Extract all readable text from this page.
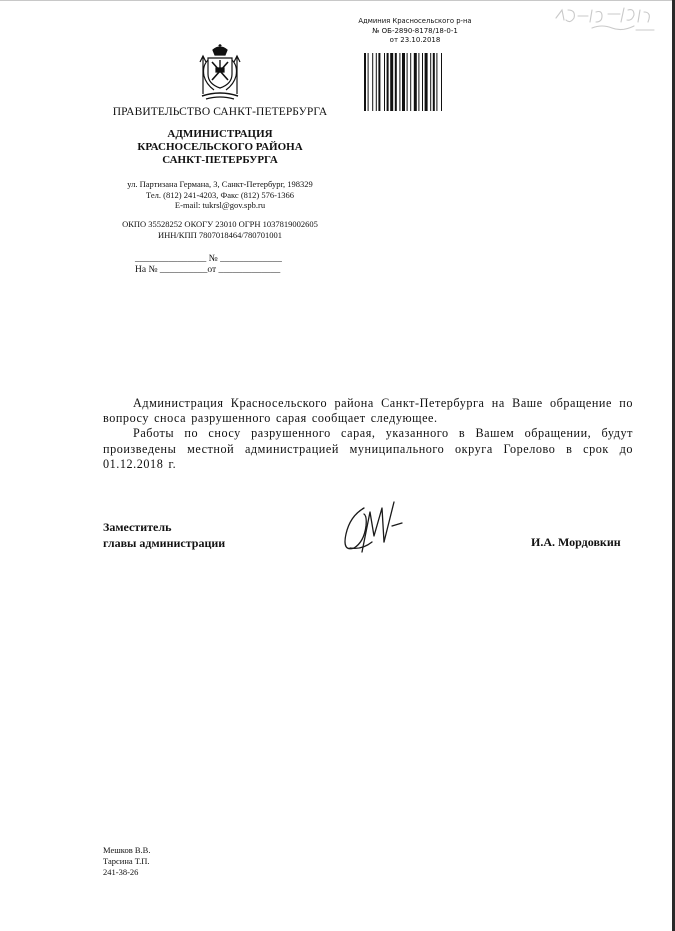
Админия Красносельского р-на
№ ОБ-2890-8178/18-0-1
от 23.10.2018
ПРАВИТЕЛЬСТВО САНКТ-ПЕТЕРБУРГА
АДМИНИСТРАЦИЯ
КРАСНОСЕЛЬСКОГО РАЙОНА
САНКТ-ПЕТЕРБУРГА
ул. Партизана Германа, 3, Санкт-Петербург, 198329
Тел. (812) 241-4203, Факс (812) 576-1366
E-mail: tukrsl@gov.spb.ru
ОКПО 35528252 ОКОГУ 23010 ОГРН 1037819002605
ИНН/КПП 7807018464/780701001
_______________ № _____________
На № __________от _____________

Администрация Красносельского района Санкт-Петербурга на Ваше обращение по вопросу сноса разрушенного сарая сообщает следующее.

Работы по сносу разрушенного сарая, указанного в Вашем обращении, будут произведены местной администрацией муниципального округа Горелово в срок до 01.12.2018 г.

Заместитель
главы администрации	И.А. Мордовкин
Мешков В.В.
Тарсина Т.П.
241-38-26
